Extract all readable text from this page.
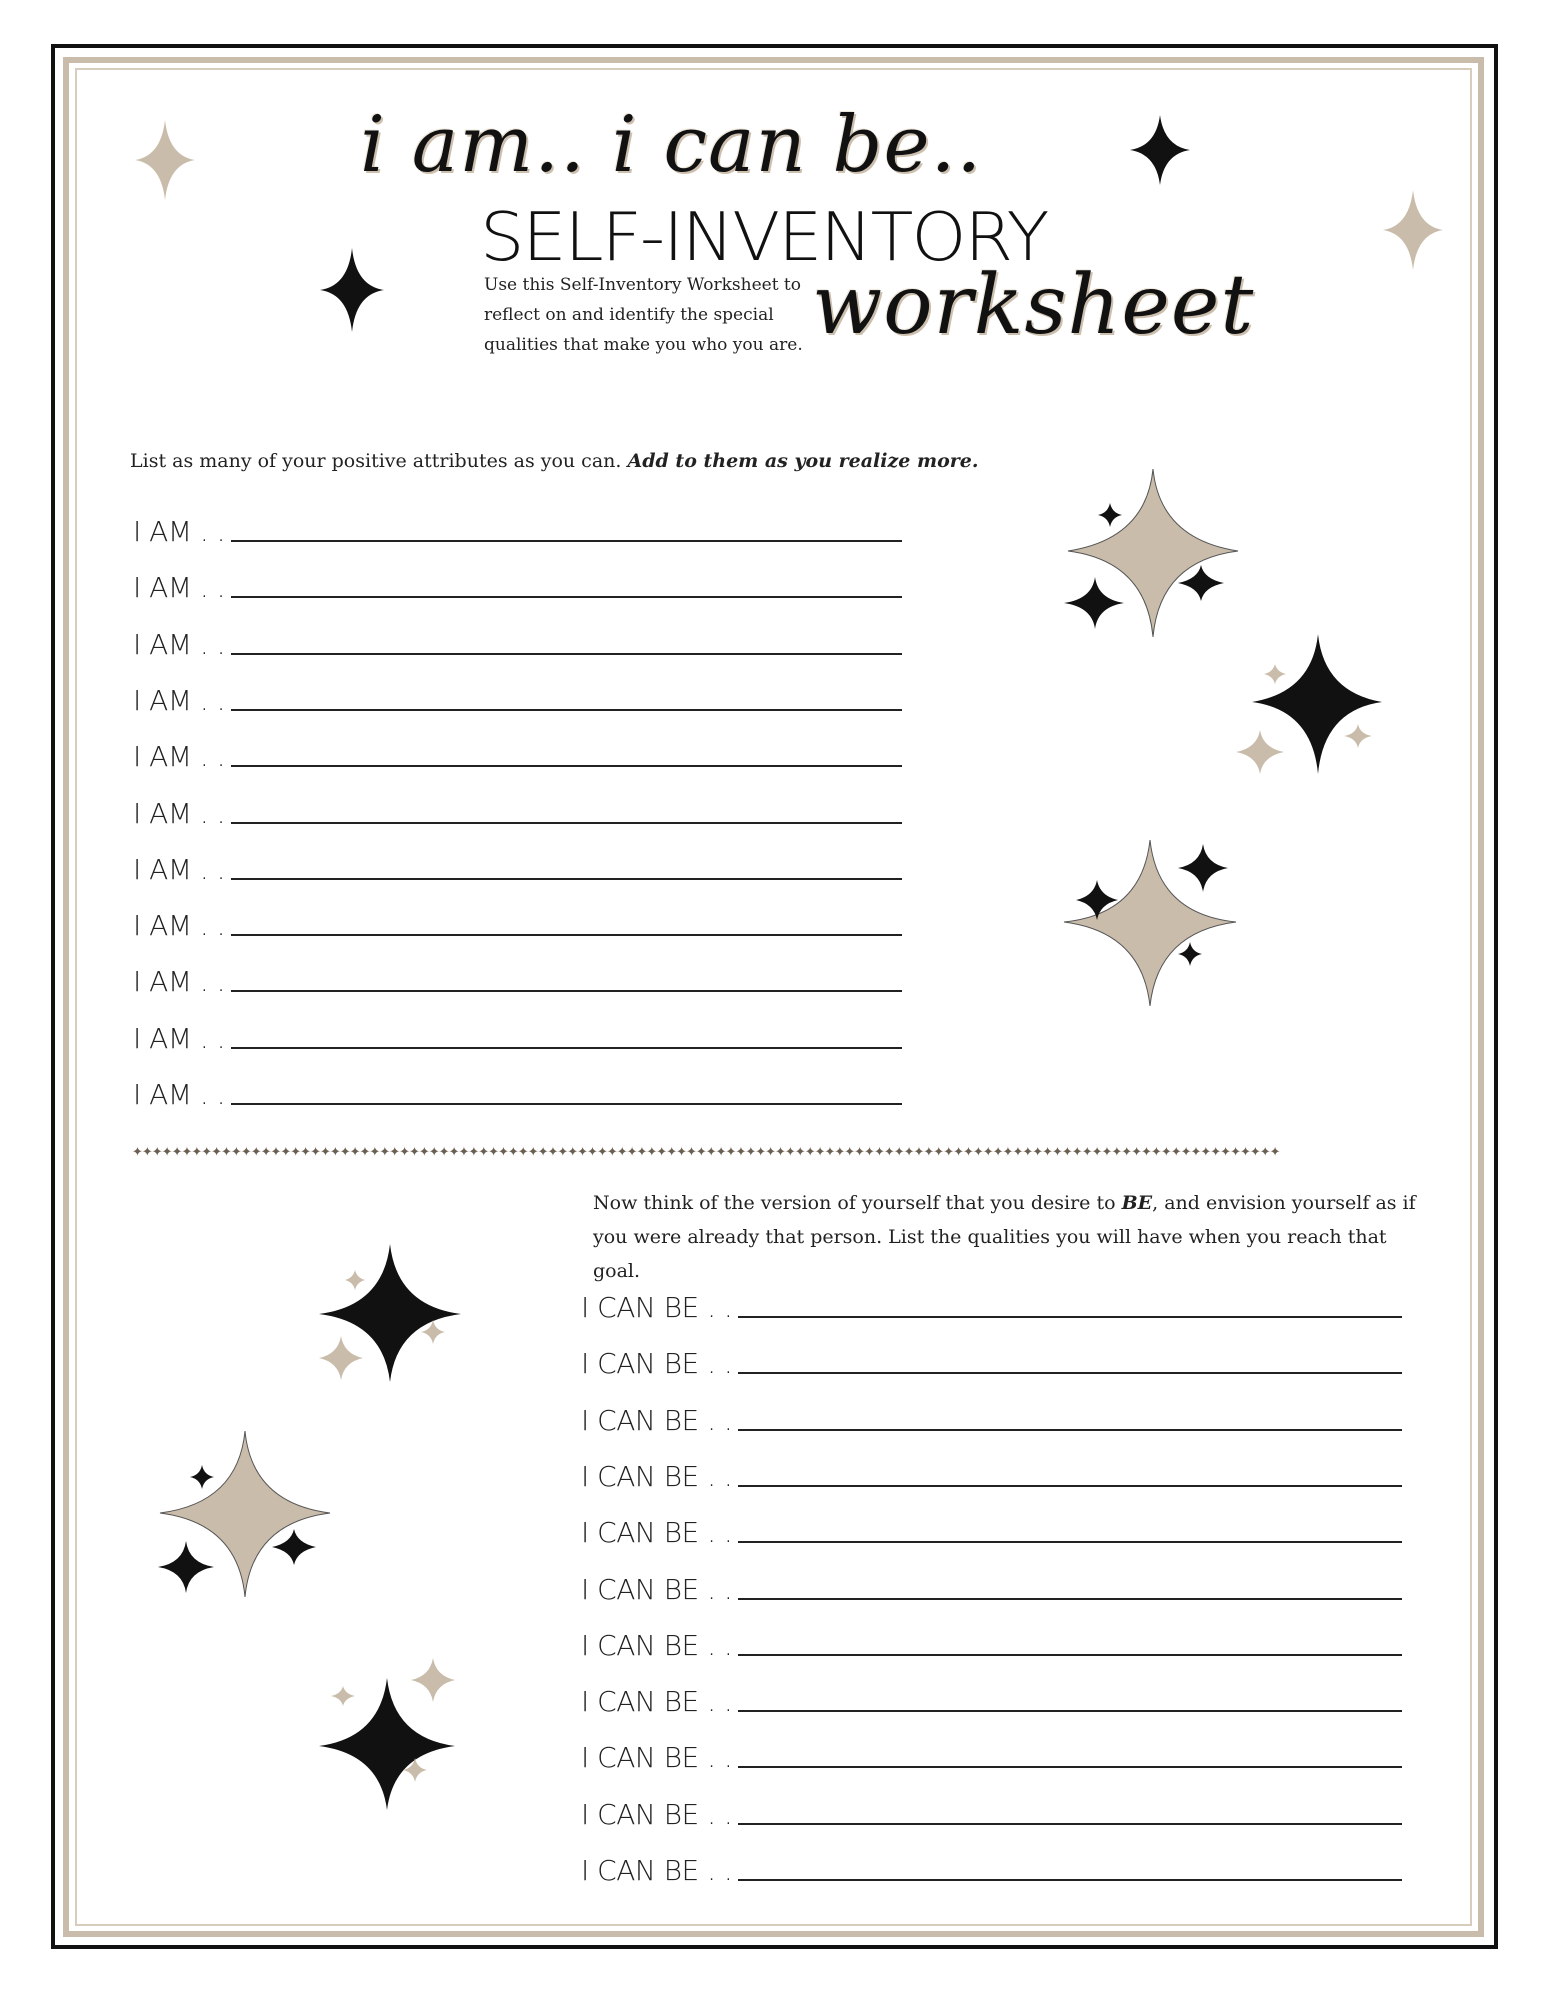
i am.. i can be..
SELF-INVENTORY
worksheet
Use this Self-Inventory Worksheet to reflect on and identify the special qualities that make you who you are.
List as many of your positive attributes as you can. Add to them as you realize more.
I AM . .
I AM . .
I AM . .
I AM . .
I AM . .
I AM . .
I AM . .
I AM . .
I AM . .
I AM . .
I AM . .
✦✦✦✦✦✦✦✦✦✦✦✦✦✦✦✦✦✦✦✦✦✦✦✦✦✦✦✦✦✦✦✦✦✦✦✦✦✦✦✦✦✦✦✦✦✦✦✦✦✦✦✦✦✦✦✦✦✦✦✦✦✦✦✦✦✦✦✦✦✦✦✦✦✦✦✦✦✦✦✦✦✦✦✦✦✦✦✦✦✦✦✦✦✦✦✦✦✦✦✦✦✦✦✦✦✦✦✦✦✦✦✦✦✦✦✦
Now think of the version of yourself that you desire to BE, and envision yourself as if you were already that person. List the qualities you will have when you reach that goal.
I CAN BE . .
I CAN BE . .
I CAN BE . .
I CAN BE . .
I CAN BE . .
I CAN BE . .
I CAN BE . .
I CAN BE . .
I CAN BE . .
I CAN BE . .
I CAN BE . .
